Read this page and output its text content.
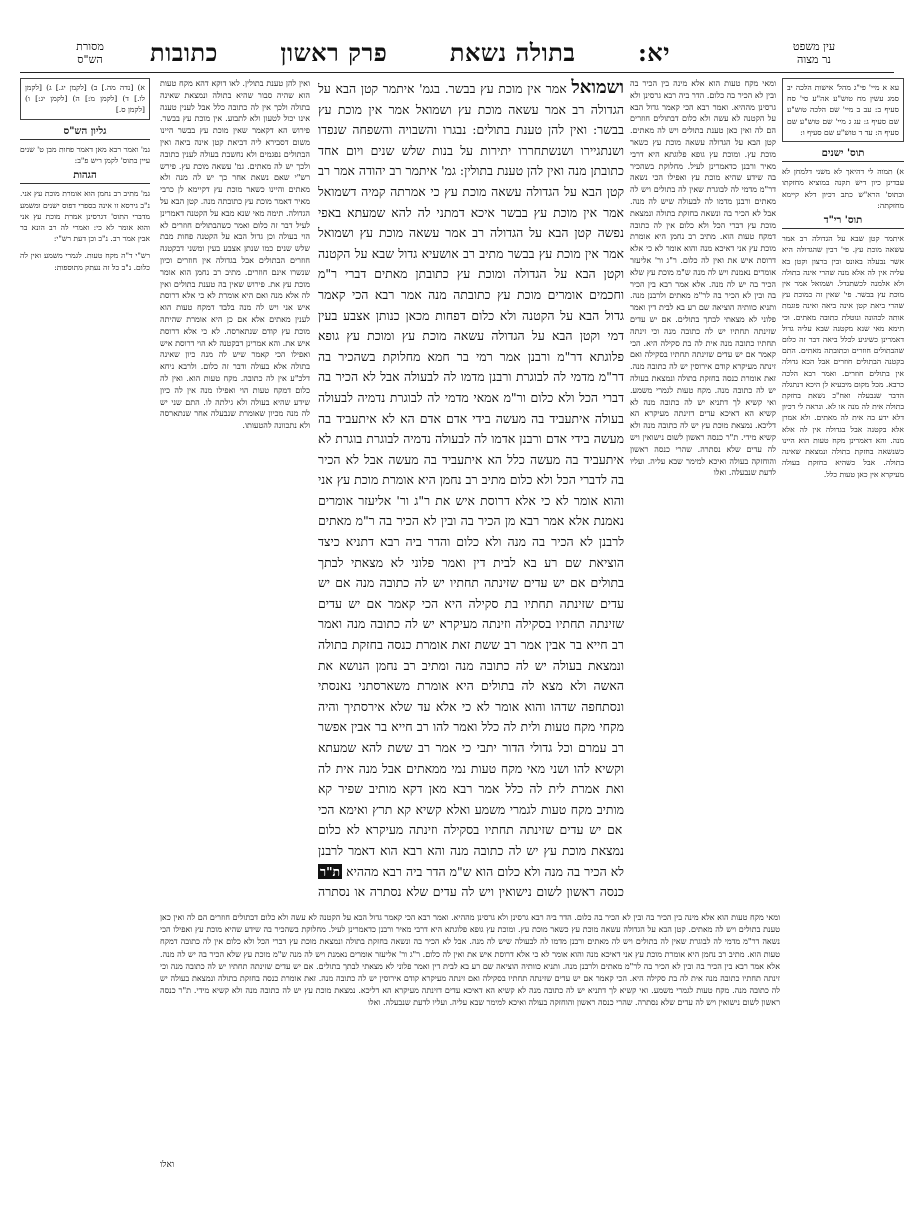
יא:
בתולה נשאת
פרק ראשון
כתובות	עין משפט
נר מצוה
מסורת
הש"ס

עא א מיי' פי"ג מהל' אישות הלכה יב סמג עשין מח טוש"ע אה"ע סי' סח סעיף ב: עב ב מיי' שם הלכה טוש"ע שם סעיף ג: עג ג מיי' שם טוש"ע שם סעיף ה: עד ד טוש"ע שם סעיף ו:

תוס' ישנים

א) תמוה לי דהיאך לא משני דלמחן לא עבדינן כיון דיש תקנה במוציא מחזקתו ובתוס' הרא"ש כתב דכיון דלא קיימא מחזקתה:

תוס' רי"ד

איתמר קטן שבא על הגדולה רב אמר עשאה מוכת עץ. פי' דבין שהגדולה היא אשר נבעלה באונס ובין ברצון וקטן בא עליה אין לה אלא מנה שהרי אינה בתולה ולא אלמנה לכשתגדל. ושמואל אמר אין מוכת עץ בבשר. פי' שאין זה כמוכת עץ שהרי ביאת קטן אינה ביאה ואינה פוגמת אותה לכהונה ונוטלת כתובה מאתים. וכי תימא מאי שנא מקטנה שבא עליה גדול דאמרינן כשיגיע לכלל ביאה דבר זה כלום שהבתולים חוזרים וכתובתה מאתים. התם בקטנה הבתולים חוזרים אבל הכא גדולה אין בתולים חוזרים. ואמר רבא הלכה כרבא. מכל מקום מיבעיא לן היכא דנתגלה הדבר שנבעלה ואח"כ נשאת בחזקת בתולה אית לה מנה או לא. ונראה לי דכיון דלא ידע בה אית לה מאתים. ולא אמרן אלא בקטנה אבל בגדולה אין לה אלא מנה. והא דאמרינן מקח טעות הוא היינו כשנשאה בחזקת בתולה ונמצאת שאינה בתולה. אבל כשהיא בחזקת בעולה מעיקרא אין כאן טעות כלל.

א) [נדה מה.] ב) [לקמן יג.] ג) [לקמן לו.] ד) [לקמן מ:] ה) [לקמן יג:] ו) [לקמן ס.]

גליון הש"ס

גמ' ואמר רבא מאן דאמר פחות מבן ט' שנים עיין בתוס' לקמן ריש פ"ב:

הגהות

גמ' מתיב רב נחמן הוא אומרת מוכת עץ אני. נ"ב גירסא זו אינה בספרי דפוס ישנים ומשמע מדברי התוס' דגרסינן אמרת מוכת עץ אני והוא אומר לא כי: ואמרי לה רב הונא בר אבין אמר רב. נ"ב וכן דעת רש"י:

רש"י ד"ה מקח טעות. לגמרי משמע ואין לה כלום. נ"ב כל זה נעתק מתוספות:

ואין להן טענת בתולין. לאו דוקא דהא מקח טעות הוא שהיה סבור שהיא בתולה ונמצאת שאינה בתולה ולכך אין לה כתובה כלל אבל לענין טענה אינו יכול לטעון ולא לתבוע. אין מוכת עץ בבשר. פירוש הא דקאמר שאין מוכת עץ בבשר היינו משום דסבירא ליה דביאת קטן אינה ביאה ואין הבתולים נפגמים ולא נחשבת בעולה לענין כתובה ולכך יש לה מאתים. גמ' עשאה מוכת עץ. פירש רש"י שאם נשאת אחר כך יש לה מנה ולא מאתים והיינו כשאר מוכת עץ דקיימא לן כרבי מאיר דאמר מוכת עץ כתובתה מנה. קטן הבא על הגדולה. תימה מאי שנא מבא על הקטנה דאמרינן לעיל דבר זה כלום ואמר כשהבתולים חוזרים לא הוי בעולה וכן גדול הבא על הקטנה פחות מבת שלש שנים כמו שנתן אצבע בעין ומשני דבקטנה חוזרים הבתולים אבל בגדולה אין חוזרים וכיון שנשרו אינם חוזרים. מתיב רב נחמן הוא אומר מוכת עץ את. פירוש שאין בה טענת בתולים ואין לה אלא מנה ואם היא אומרת לא כי אלא דרוסת איש אני ויש לה מנה בלבד דמקח טעות הוא לענין מאתים אלא אם כן היא אומרת שהיתה מוכת עץ קודם שנתארסה. לא כי אלא דרוסת איש את. והא אמרינן דבקטנה לא הוי דרוסת איש ואפילו הכי קאמר שיש לה מנה כיון שאינה בתולה אלא בעולה ודבר זה כלום. ולרבא ניחא דלכ"ע אין לה כתובה. מקח טעות הוא. ואין לה כלום דמקח טעות הוי ואפילו מנה אין לה כיון שידע שהיא בעולה ולא גילתה לו. התם שני יש לה מנה מכיון שאומרת שנבעלה אחר שנתארסה ולא נתכוונה להטעותו.

ושמואל אמר אין מוכת עץ בבשר. בגמ' איתמר קטן הבא על הגדולה רב אמר עשאה מוכת עץ ושמואל אמר אין מוכת עץ בבשר: ואין להן טענת בתולים: נבגרו והשבויה והשפחה שנפדו ושנתגיירו ושנשתחררו יתירות על בנות שלש שנים ויום אחד כתובתן מנה ואין להן טענת בתולין: גמ' איתמר רב יהודה אמר רב קטן הבא על הגדולה עשאה מוכת עץ כי אמרתה קמיה דשמואל אמר אין מוכת עץ בבשר איכא דמתני לה להא שמעתא באפי נפשה קטן הבא על הגדולה רב אמר עשאה מוכת עץ ושמואל אמר אין מוכת עץ בבשר מתיב רב אושעיא גדול שבא על הקטנה וקטן הבא על הגדולה ומוכת עץ כתובתן מאתים דברי ר"מ וחכמים אומרים מוכת עץ כתובתה מנה אמר רבא הכי קאמר גדול הבא על הקטנה ולא כלום דפחות מכאן כנותן אצבע בעין דמי וקטן הבא על הגדולה עשאה מוכת עץ ומוכת עץ גופא פלוגתא דר"מ ורבנן אמר רמי בר חמא מחלוקת בשהכיר בה דר"מ מדמי לה לבוגרת ורבנן מדמו לה לבעולה אבל לא הכיר בה דברי הכל ולא כלום ור"מ אמאי מדמי לה לבוגרת נדמיה לבעולה בעולה איתעביד בה מעשה בידי אדם אדם הא לא איתעביד בה מעשה בידי אדם ורבנן אדמו לה לבעולה נדמיה לבוגרת בוגרת לא איתעביד בה מעשה כלל הא איתעביד בה מעשה אבל לא הכיר בה לדברי הכל ולא כלום מתיב רב נחמן היא אומרת מוכת עץ אני והוא אומר לא כי אלא דרוסת איש את ר"ג ור' אליעזר אומרים נאמנת אלא אמר רבא מן הכיר בה ובין לא הכיר בה ר"מ מאתים לרבנן לא הכיר בה מנה ולא כלום והדר ביה רבא דתניא כיצד הוציאת שם רע בא לבית דין ואמר פלוני לא מצאתי לבתך בתולים אם יש עדים שזינתה תחתיו יש לה כתובה מנה אם יש עדים שזינתה תחתיו בת סקילה היא הכי קאמר אם יש עדים שזינתה תחתיו בסקילה וזינתה מעיקרא יש לה כתובה מנה ואמר רב חייא בר אבין אמר רב ששת זאת אומרת כנסה בחזקת בתולה ונמצאת בעולה יש לה כתובה מנה ומתיב רב נחמן הנושא את האשה ולא מצא לה בתולים היא אומרת משארסתני נאנסתי ונסתחפה שדהו והוא אומר לא כי אלא עד שלא אירסתיך והיה מקחי מקח טעות ולית לה כלל ואמר להו רב חייא בר אבין אפשר רב עמרם וכל גדולי הדור יתבי כי אמר רב ששת להא שמעתא וקשיא להו ושני מאי מקח טעות נמי ממאתים אבל מנה אית לה ואת אמרת לית לה כלל אמר רבא מאן דקא מותיב שפיר קא מותיב מקח טעות לגמרי משמע ואלא קשיא קא תרץ ואימא הכי אם יש עדים שזינתה תחתיו בסקילה וזינתה מעיקרא לא כלום נמצאת מוכת עץ יש לה כתובה מנה והא רבא הוא דאמר לרבנן לא הכיר בה מנה ולא כלום הוא ש"מ הדר ביה רבא מההיא ת"ר כנסה ראשון לשום נישואין ויש לה עדים שלא נסתרה או נסתרה

ומאי מקח טעות הוא אלא מינה בין הכיר בה ובין לא הכיר בה כלום. הדר ביה רבא גרסינן ולא גרסינן מההיא. ואמר רבא הכי קאמר גדול הבא על הקטנה לא עשה ולא כלום דבתולים חוזרים הם לה ואין כאן טענת בתולים ויש לה מאתים. קטן הבא על הגדולה עשאה מוכת עץ כשאר מוכת עץ. ומוכת עץ גופא פלוגתא היא דרבי מאיר ורבנן כדאמרינן לעיל. מחלוקת בשהכיר בה שידע שהיא מוכת עץ ואפילו הכי נשאה דר"מ מדמי לה לבוגרת שאין לה בתולים ויש לה מאתים ורבנן מדמו לה לבעולה שיש לה מנה. אבל לא הכיר בה ונשאה בחזקת בתולה ונמצאת מוכת עץ דברי הכל ולא כלום אין לה כתובה דמקח טעות הוא. מתיב רב נחמן היא אומרת מוכת עץ אני דאיכא מנה והוא אומר לא כי אלא דרוסת איש את ואין לה כלום. ר"ג ור' אליעזר אומרים נאמנת ויש לה מנה ש"מ מוכת עץ שלא הכיר בה יש לה מנה. אלא אמר רבא בין הכיר בה ובין לא הכיר בה לר"מ מאתים ולרבנן מנה. ותניא כוותיה הוציאה שם רע בא לבית דין ואמר פלוני לא מצאתי לבתך בתולים. אם יש עדים שזינתה תחתיו יש לה כתובה מנה וכי זינתה תחתיו כתובה מנה אית לה בת סקילה היא. הכי קאמר אם יש עדים שזינתה תחתיו בסקילה ואם זינתה מעיקרא קודם אירוסין יש לה כתובה מנה. זאת אומרת כנסה בחזקת בתולה ונמצאת בעולה יש לה כתובה מנה. מקח טעות לגמרי משמע. ואי קשיא לך דתניא יש לה כתובה מנה לא קשיא הא דאיכא עדים דזינתה מעיקרא הא דליכא. נמצאת מוכת עץ יש לה כתובה מנה ולא קשיא מידי. ת"ר כנסה ראשון לשום נישואין ויש לה עדים שלא נסתרה. שהרי כנסה ראשון והוחזקה בעולה ואיכא למימר שבא עליה. ועליו לדעת שנבעלה. ואלו

ומאי מקח טעות הוא אלא מינה בין הכיר בה ובין לא הכיר בה כלום. הדר ביה רבא גרסינן ולא גרסינן מההיא. ואמר רבא הכי קאמר גדול הבא על הקטנה לא עשה ולא כלום דבתולים חוזרים הם לה ואין כאן טענת בתולים ויש לה מאתים. קטן הבא על הגדולה עשאה מוכת עץ כשאר מוכת עץ. ומוכת עץ גופא פלוגתא היא דרבי מאיר ורבנן כדאמרינן לעיל. מחלוקת בשהכיר בה שידע שהיא מוכת עץ ואפילו הכי נשאה דר"מ מדמי לה לבוגרת שאין לה בתולים ויש לה מאתים ורבנן מדמו לה לבעולה שיש לה מנה. אבל לא הכיר בה ונשאה בחזקת בתולה ונמצאת מוכת עץ דברי הכל ולא כלום אין לה כתובה דמקח טעות הוא. מתיב רב נחמן היא אומרת מוכת עץ אני דאיכא מנה והוא אומר לא כי אלא דרוסת איש את ואין לה כלום. ר"ג ור' אליעזר אומרים נאמנת ויש לה מנה ש"מ מוכת עץ שלא הכיר בה יש לה מנה. אלא אמר רבא בין הכיר בה ובין לא הכיר בה לר"מ מאתים ולרבנן מנה. ותניא כוותיה הוציאה שם רע בא לבית דין ואמר פלוני לא מצאתי לבתך בתולים. אם יש עדים שזינתה תחתיו יש לה כתובה מנה וכי זינתה תחתיו כתובה מנה אית לה בת סקילה היא. הכי קאמר אם יש עדים שזינתה תחתיו בסקילה ואם זינתה מעיקרא קודם אירוסין יש לה כתובה מנה. זאת אומרת כנסה בחזקת בתולה ונמצאת בעולה יש לה כתובה מנה. מקח טעות לגמרי משמע. ואי קשיא לך דתניא יש לה כתובה מנה לא קשיא הא דאיכא עדים דזינתה מעיקרא הא דליכא. נמצאת מוכת עץ יש לה כתובה מנה ולא קשיא מידי. ת"ר כנסה ראשון לשום נישואין ויש לה עדים שלא נסתרה. שהרי כנסה ראשון והוחזקה בעולה ואיכא למימר שבא עליה. ועליו לדעת שנבעלה. ואלו

ואלו
